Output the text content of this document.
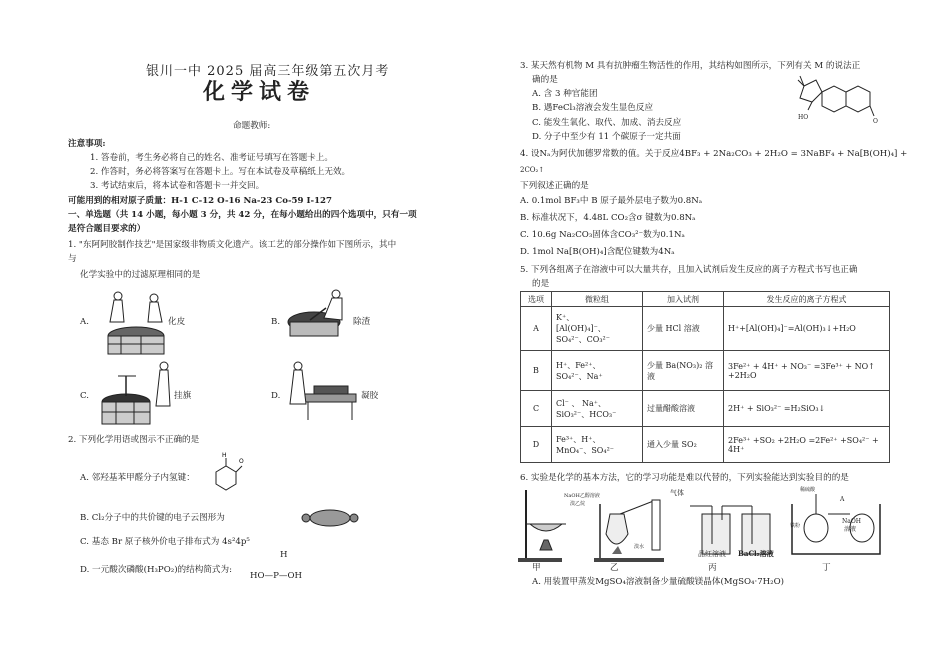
银川一中 2025 届高三年级第五次月考
化学试卷
命题教师:
注意事项:
1. 答卷前，考生务必将自己的姓名、准考证号填写在答题卡上。
2. 作答时，务必将答案写在答题卡上。写在本试卷及草稿纸上无效。
3. 考试结束后，将本试卷和答题卡一并交回。
可能用到的相对原子质量：H-1 C-12 O-16 Na-23 Co-59 I-127
一、单选题（共 14 小题，每小题 3 分，共 42 分，在每小题给出的四个选项中，只有一项
是符合题目要求的）
1. "东阿阿胶制作技艺"是国家级非物质文化遗产。该工艺的部分操作如下图所示，其中
与
化学实验中的过滤原理相同的是
A.	化皮	B.	除渣
C.	挂旗	D.	凝胶
2. 下列化学用语或图示不正确的是
A. 邻羟基苯甲醛分子内氢键：
H
O
B. Cl₂分子中的共价键的电子云图形为
C. 基态 Br 原子核外价电子排布式为 4s²4p⁵
D. 一元酸次磷酸(H₃PO₂)的结构简式为:
H
HO—P—OH
3. 某天然有机物 M 具有抗肿瘤生物活性的作用，其结构如图所示，下列有关 M 的说法正
确的是
A. 含 3 种官能团
B. 遇FeCl₃溶液会发生显色反应
C. 能发生氧化、取代、加成、消去反应
D. 分子中至少有 11 个碳原子一定共面
HO
O
4. 设Nₐ为阿伏加德罗常数的值。关于反应4BF₃ + 2Na₂CO₃ + 2H₂O = 3NaBF₄ + Na[B(OH)₄] +
2CO₂↑
下列叙述正确的是
A. 0.1mol BF₃中 B 原子最外层电子数为0.8Nₐ
B. 标准状况下，4.48L CO₂含σ 键数为0.8Nₐ
C. 10.6g Na₂CO₃固体含CO₃²⁻数为0.1Nₐ
D. 1mol Na[B(OH)₄]含配位键数为4Nₐ
5. 下列各组离子在溶液中可以大量共存，且加入试剂后发生反应的离子方程式书写也正确
的是
选项	微粒组	加入试剂	发生反应的离子方程式
A	K⁺、
[Al(OH)₄]⁻、
SO₄²⁻、CO₃²⁻	少量 HCl 溶液	H⁺+[Al(OH)₄]⁻=Al(OH)₃↓+H₂O
B	H⁺、Fe²⁺、
SO₄²⁻、Na⁺	少量 Ba(NO₃)₂ 溶液	3Fe²⁺ + 4H⁺ + NO₃⁻ =3Fe³⁺ + NO↑ +2H₂O
C	Cl⁻ 、 Na⁺、
SiO₃²⁻、HCO₃⁻	过量醋酸溶液	2H⁺ + SiO₃²⁻ =H₂SiO₃↓
D	Fe³⁺、H⁺、
MnO₄⁻、SO₄²⁻	通入少量 SO₂	2Fe³⁺ +SO₂ +2H₂O =2Fe²⁺ +SO₄²⁻ + 4H⁺
6. 实验是化学的基本方法，它的学习功能是难以代替的，下列实验能达到实验目的的是
NaOH乙醇溶液
溴乙烷
溴水
气体
品红溶液 BaCl₂溶液
稀硫酸
A
NaOH
溶液
铁粉
甲	乙	丙	丁
A. 用装置甲蒸发MgSO₄溶液制备少量硫酸镁晶体(MgSO₄·7H₂O)
